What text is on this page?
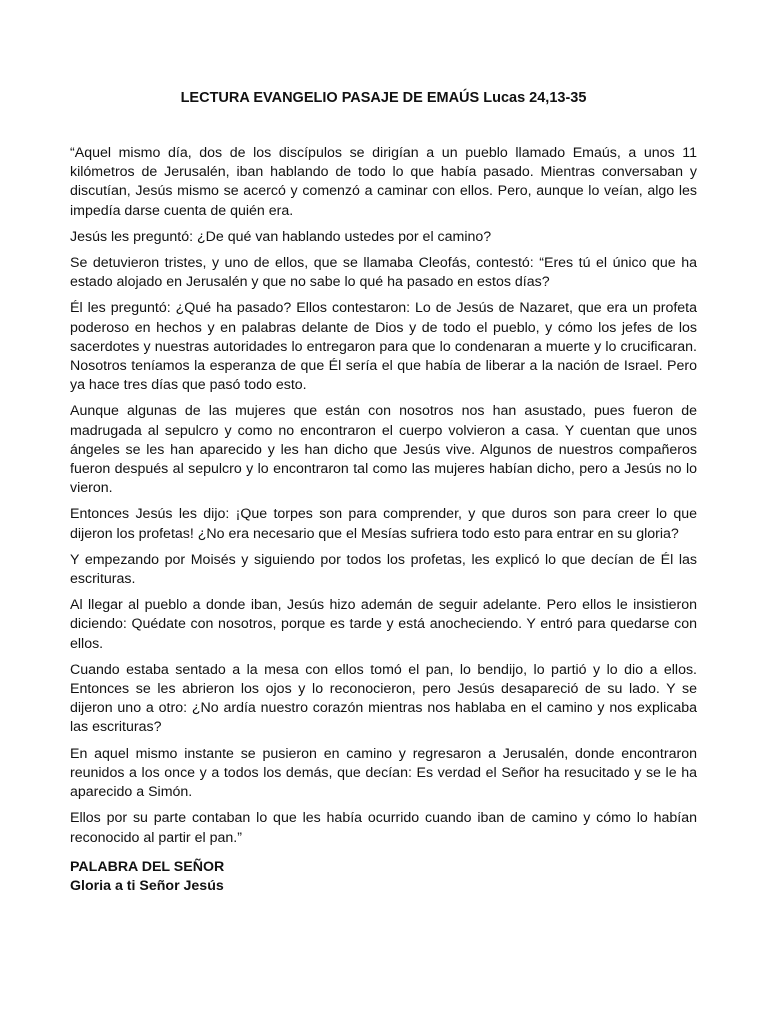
LECTURA EVANGELIO PASAJE DE EMAÚS Lucas 24,13-35

“Aquel mismo día, dos de los discípulos se dirigían a un pueblo llamado Emaús, a unos 11 kilómetros de Jerusalén, iban hablando de todo lo que había pasado. Mientras conversaban y discutían, Jesús mismo se acercó y comenzó a caminar con ellos. Pero, aunque lo veían, algo les impedía darse cuenta de quién era.

Jesús les preguntó: ¿De qué van hablando ustedes por el camino?

Se detuvieron tristes, y uno de ellos, que se llamaba Cleofás, contestó: “Eres tú el único que ha estado alojado en Jerusalén y que no sabe lo qué ha pasado en estos días?

Él les preguntó: ¿Qué ha pasado? Ellos contestaron: Lo de Jesús de Nazaret, que era un profeta poderoso en hechos y en palabras delante de Dios y de todo el pueblo, y cómo los jefes de los sacerdotes y nuestras autoridades lo entregaron para que lo condenaran a muerte y lo crucificaran. Nosotros teníamos la esperanza de que Él sería el que había de liberar a la nación de Israel. Pero ya hace tres días que pasó todo esto.

Aunque algunas de las mujeres que están con nosotros nos han asustado, pues fueron de madrugada al sepulcro y como no encontraron el cuerpo volvieron a casa. Y cuentan que unos ángeles se les han aparecido y les han dicho que Jesús vive. Algunos de nuestros compañeros fueron después al sepulcro y lo encontraron tal como las mujeres habían dicho, pero a Jesús no lo vieron.

Entonces Jesús les dijo: ¡Que torpes son para comprender, y que duros son para creer lo que dijeron los profetas! ¿No era necesario que el Mesías sufriera todo esto para entrar en su gloria?

Y empezando por Moisés y siguiendo por todos los profetas, les explicó lo que decían de Él las escrituras.

Al llegar al pueblo a donde iban, Jesús hizo ademán de seguir adelante. Pero ellos le insistieron diciendo: Quédate con nosotros, porque es tarde y está anocheciendo. Y entró para quedarse con ellos.

Cuando estaba sentado a la mesa con ellos tomó el pan, lo bendijo, lo partió y lo dio a ellos. Entonces se les abrieron los ojos y lo reconocieron, pero Jesús desapareció de su lado. Y se dijeron uno a otro: ¿No ardía nuestro corazón mientras nos hablaba en el camino y nos explicaba las escrituras?

En aquel mismo instante se pusieron en camino y regresaron a Jerusalén, donde encontraron reunidos a los once y a todos los demás, que decían: Es verdad el Señor ha resucitado y se le ha aparecido a Simón.

Ellos por su parte contaban lo que les había ocurrido cuando iban de camino y cómo lo habían reconocido al partir el pan.”

PALABRA DEL SEÑOR
Gloria a ti Señor Jesús
